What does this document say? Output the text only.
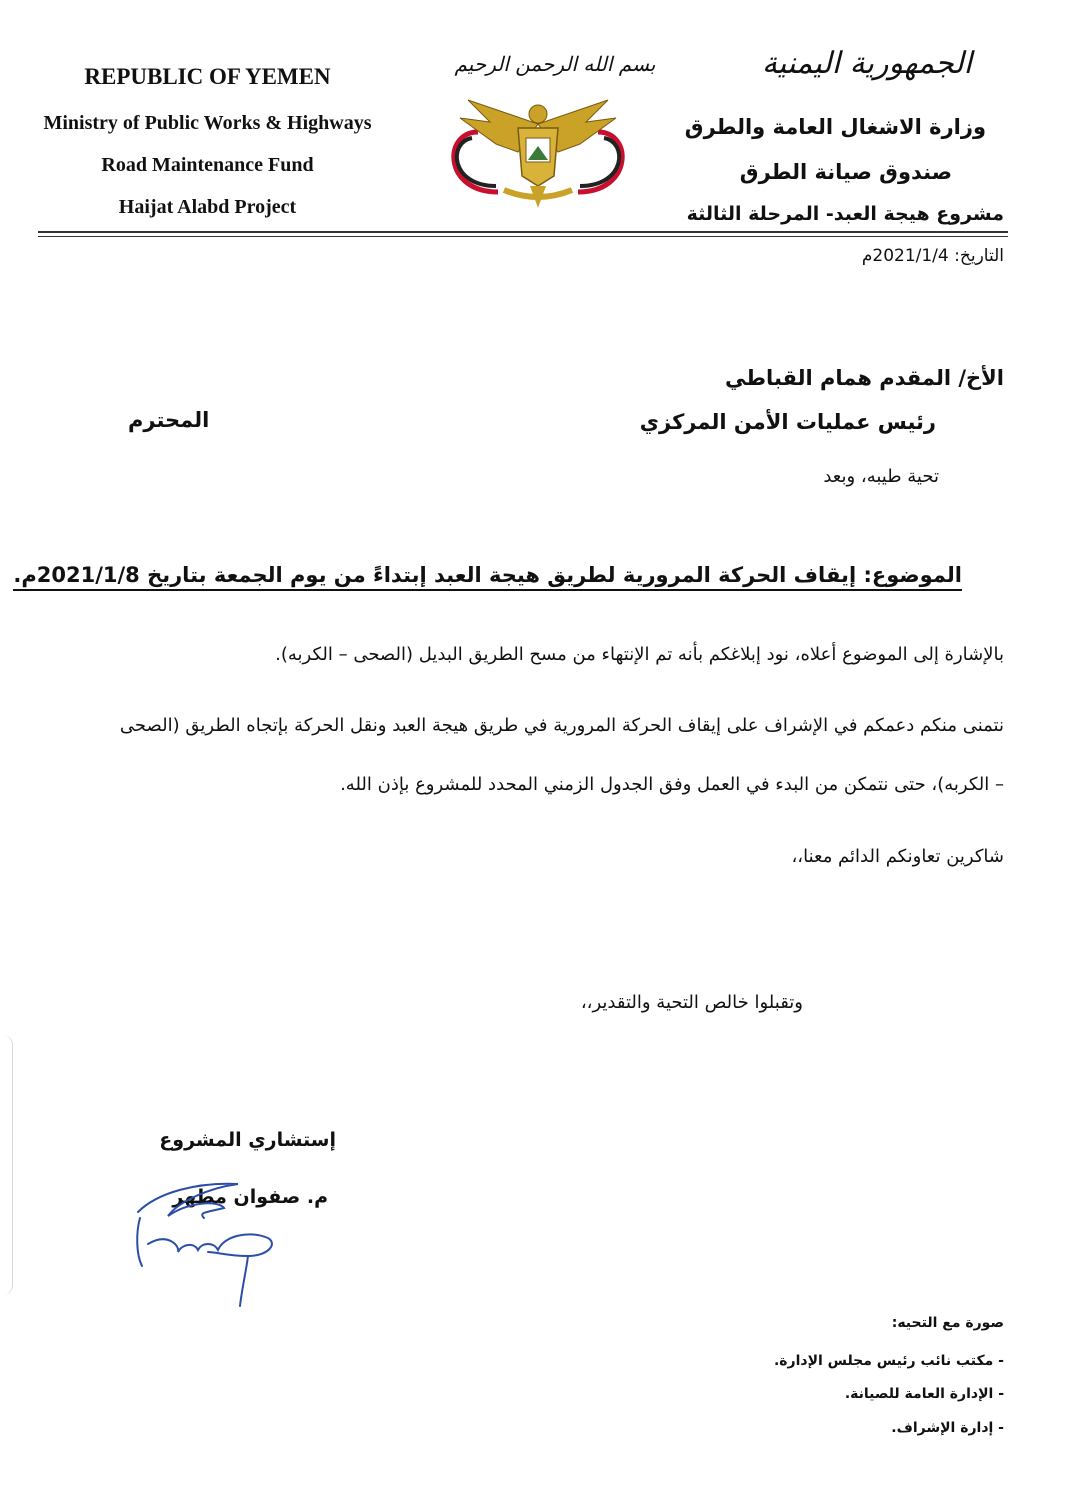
REPUBLIC OF YEMEN
Ministry of Public Works & Highways
Road Maintenance Fund
Haijat Alabd Project
بسم الله الرحمن الرحيم	الجمهورية اليمنية
وزارة الاشغال العامة والطرق
صندوق صيانة الطرق
مشروع هيجة العبد- المرحلة الثالثة
التاريخ: 2021/1/4م
الأخ/ المقدم همام القباطي
رئيس عمليات الأمن المركزي
المحترم
تحية طيبه، وبعد
الموضوع: إيقاف الحركة المرورية لطريق هيجة العبد إبتداءً من يوم الجمعة بتاريخ 2021/1/8م.
بالإشارة إلى الموضوع أعلاه، نود إبلاغكم بأنه تم الإنتهاء من مسح الطريق البديل (الصحى – الكربه).
نتمنى منكم دعمكم في الإشراف على إيقاف الحركة المرورية في طريق هيجة العبد ونقل الحركة بإتجاه الطريق (الصحى
– الكربه)، حتى نتمكن من البدء في العمل وفق الجدول الزمني المحدد للمشروع بإذن الله.
شاكرين تعاونكم الدائم معنا،،
وتقبلوا خالص التحية والتقدير،،
إستشاري المشروع
م. صفوان مطهر
صورة مع التحيه:
- مكتب نائب رئيس مجلس الإدارة.
- الإدارة العامة للصيانة.
- إدارة الإشراف.
